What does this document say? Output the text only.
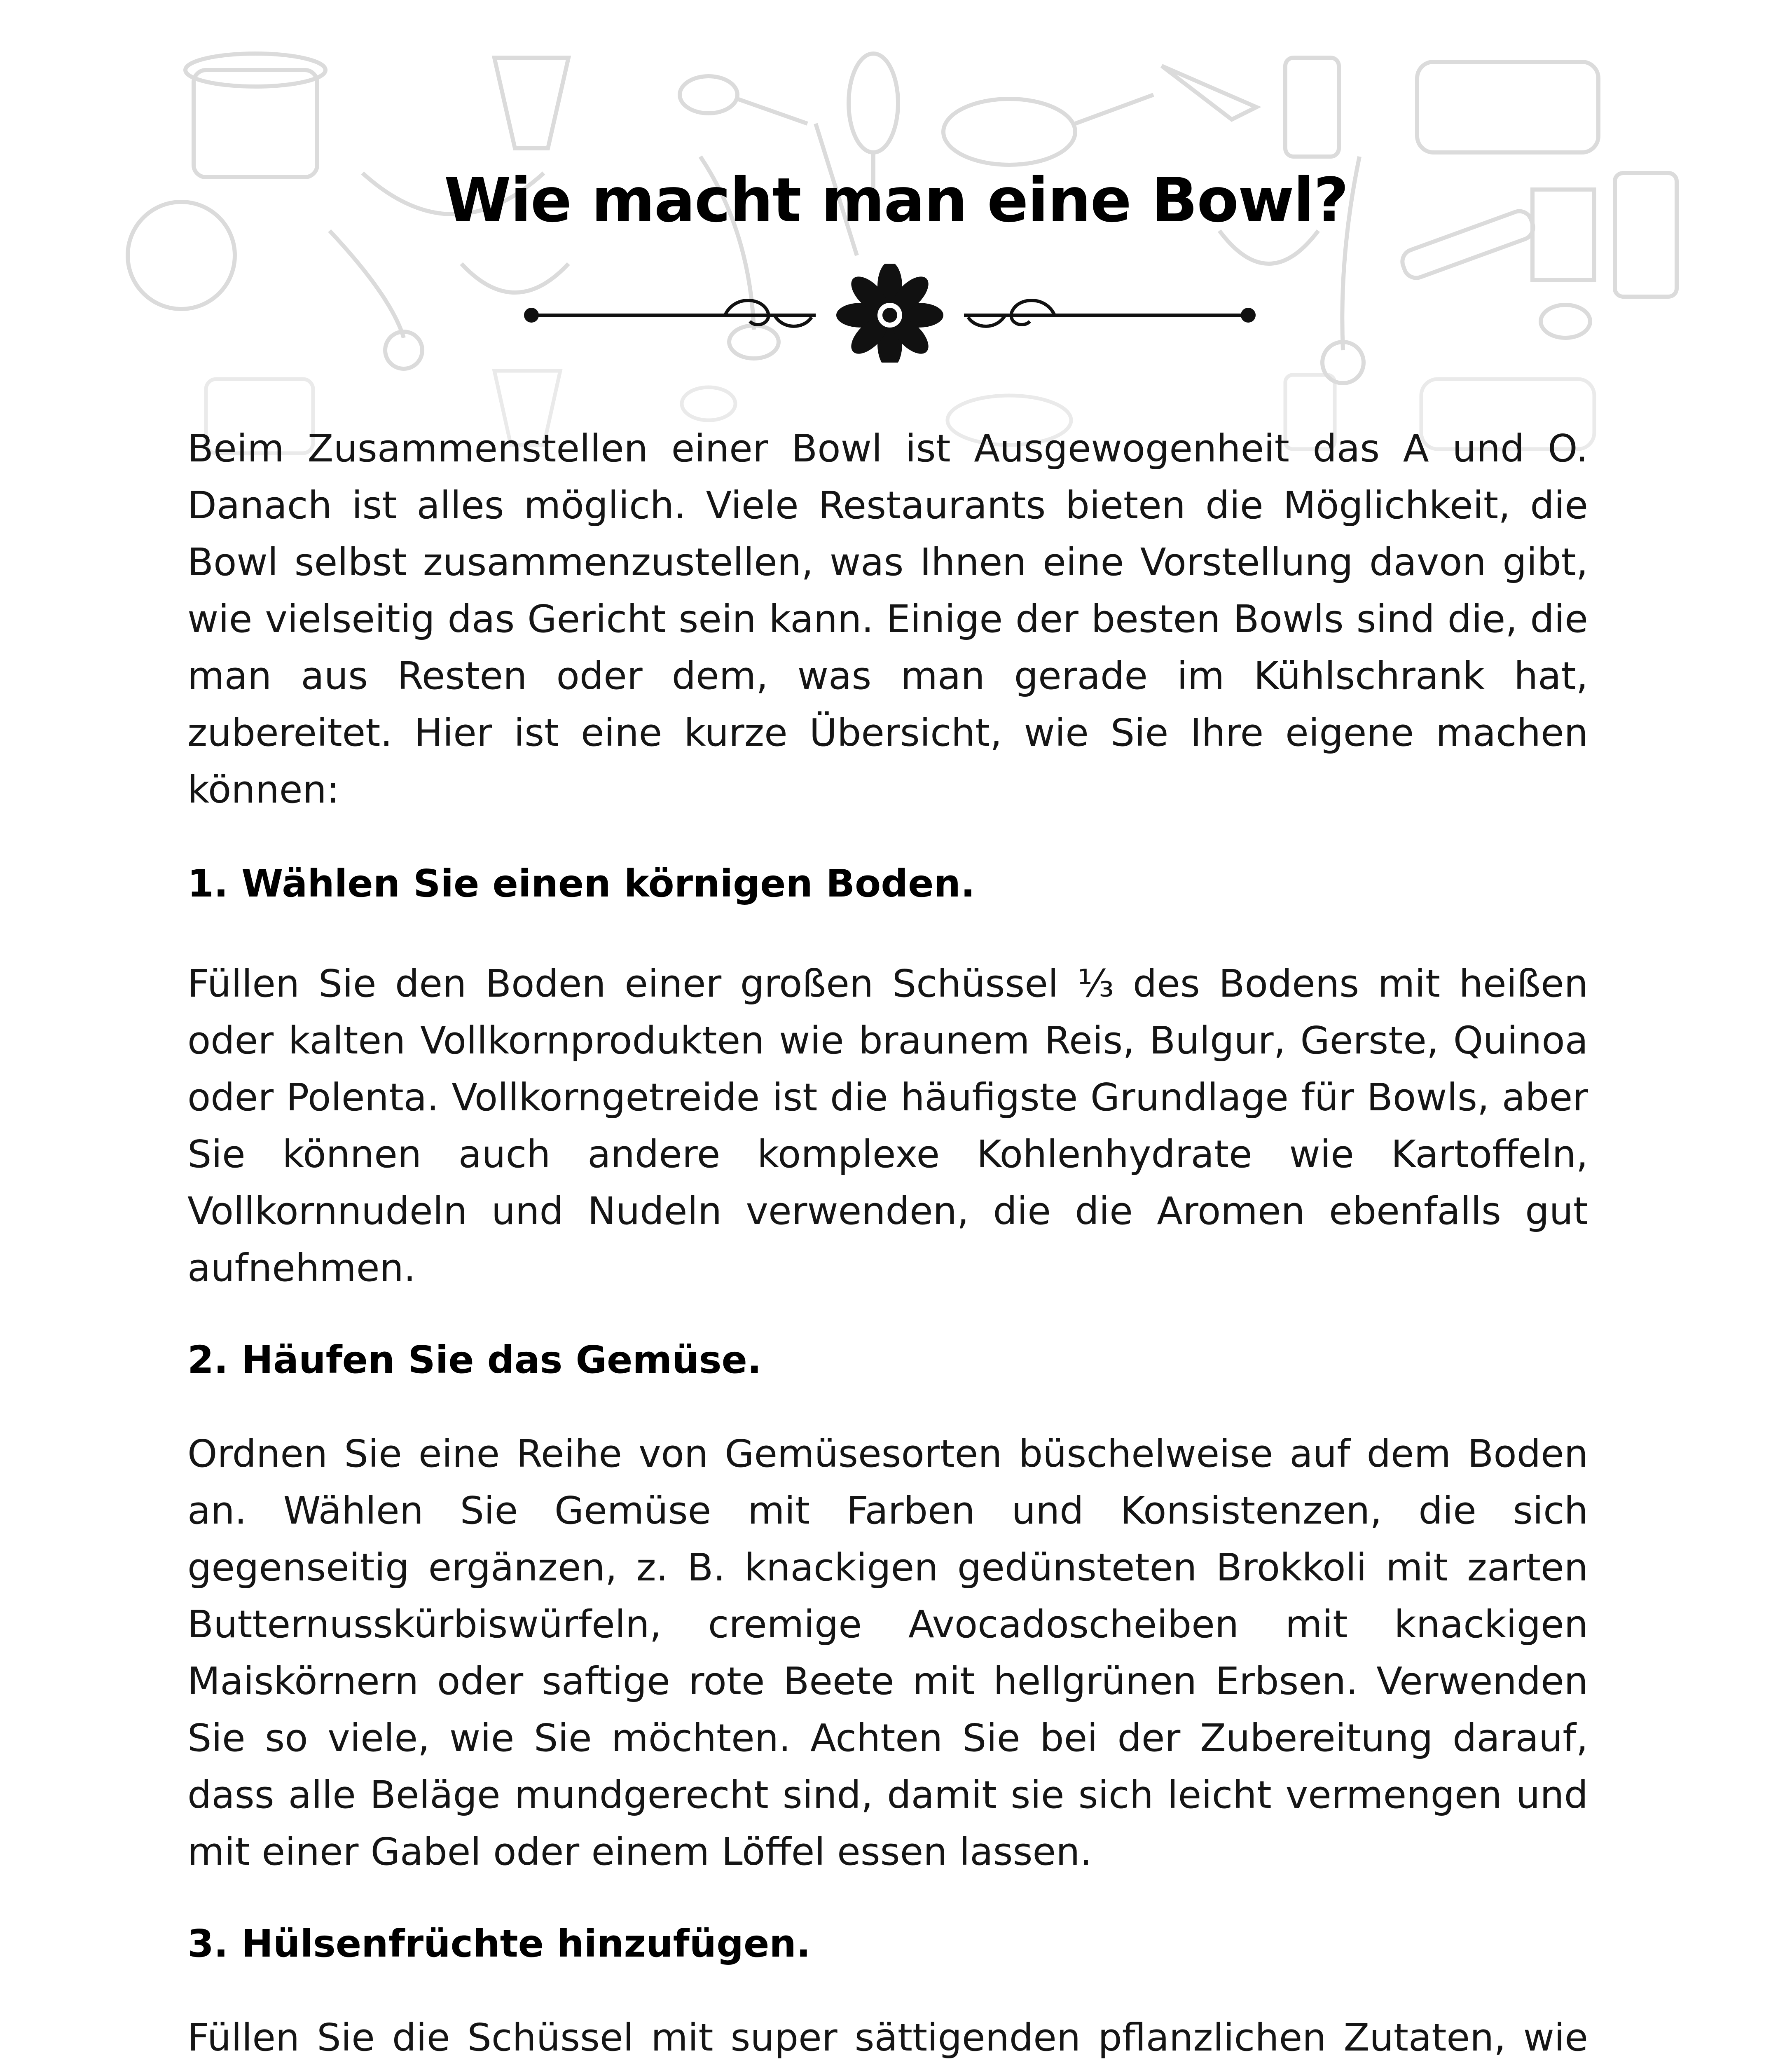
Wie macht man eine Bowl?

Beim Zusammenstellen einer Bowl ist Ausgewogenheit das A und O. Danach ist alles möglich. Viele Restaurants bieten die Möglichkeit, die Bowl selbst zusammenzustellen, was Ihnen eine Vorstellung davon gibt, wie vielseitig das Gericht sein kann. Einige der besten Bowls sind die, die man aus Resten oder dem, was man gerade im Kühlschrank hat, zubereitet. Hier ist eine kurze Übersicht, wie Sie Ihre eigene machen können:

1. Wählen Sie einen körnigen Boden.

Füllen Sie den Boden einer großen Schüssel ⅓ des Bodens mit heißen oder kalten Vollkornprodukten wie braunem Reis, Bulgur, Gerste, Quinoa oder Polenta. Vollkorngetreide ist die häufigste Grundlage für Bowls, aber Sie können auch andere komplexe Kohlenhydrate wie Kartoffeln, Vollkornnudeln und Nudeln verwenden, die die Aromen ebenfalls gut aufnehmen.

2. Häufen Sie das Gemüse.

Ordnen Sie eine Reihe von Gemüsesorten büschelweise auf dem Boden an. Wählen Sie Gemüse mit Farben und Konsistenzen, die sich gegenseitig ergänzen, z. B. knackigen gedünsteten Brokkoli mit zarten Butternusskürbiswürfeln, cremige Avocadoscheiben mit knackigen Maiskörnern oder saftige rote Beete mit hellgrünen Erbsen. Verwenden Sie so viele, wie Sie möchten. Achten Sie bei der Zubereitung darauf, dass alle Beläge mundgerecht sind, damit sie sich leicht vermengen und mit einer Gabel oder einem Löffel essen lassen.

3. Hülsenfrüchte hinzufügen.

Füllen Sie die Schüssel mit super sättigenden pflanzlichen Zutaten, wie
